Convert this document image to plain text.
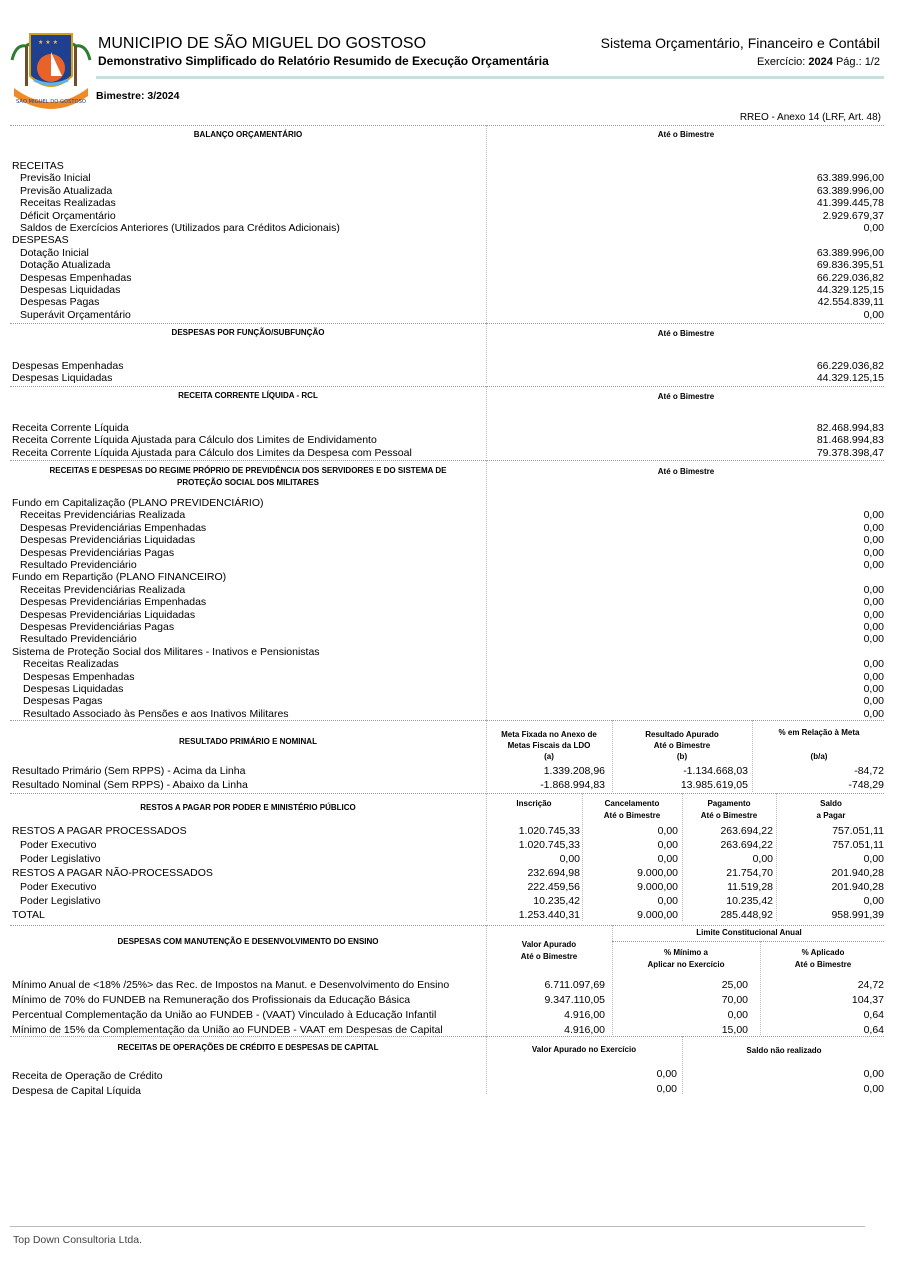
★ ★ ★
SÃO MIGUEL DO GOSTOSO
MUNICIPIO DE SÃO MIGUEL DO GOSTOSO
Demonstrativo Simplificado do Relatório Resumido de Execução Orçamentária
Sistema Orçamentário, Financeiro e Contábil
Exercício: 2024 Pág.: 1/2
Bimestre: 3/2024
RREO - Anexo 14 (LRF, Art. 48)
BALANÇO ORÇAMENTÁRIO	Até o Bimestre
RECEITAS
Previsão Inicial	63.389.996,00
Previsão Atualizada	63.389.996,00
Receitas Realizadas	41.399.445,78
Déficit Orçamentário	2.929.679,37
Saldos de Exercícios Anteriores (Utilizados para Créditos Adicionais)	0,00
DESPESAS
Dotação Inicial	63.389.996,00
Dotação Atualizada	69.836.395,51
Despesas Empenhadas	66.229.036,82
Despesas Liquidadas	44.329.125,15
Despesas Pagas	42.554.839,11
Superávit Orçamentário	0,00
DESPESAS POR FUNÇÃO/SUBFUNÇÃO	Até o Bimestre
Despesas Empenhadas	66.229.036,82
Despesas Liquidadas	44.329.125,15
RECEITA CORRENTE LÍQUIDA - RCL	Até o Bimestre
Receita Corrente Líquida	82.468.994,83
Receita Corrente Líquida Ajustada para Cálculo dos Limites de Endividamento	81.468.994,83
Receita Corrente Líquida Ajustada para Cálculo dos Limites da Despesa com Pessoal	79.378.398,47
RECEITAS E DESPESAS DO REGIME PRÓPRIO DE PREVIDÊNCIA DOS SERVIDORES E DO SISTEMA DE
PROTEÇÃO SOCIAL DOS MILITARES
Até o Bimestre
Fundo em Capitalização (PLANO PREVIDENCIÁRIO)
Receitas Previdenciárias Realizada	0,00
Despesas Previdenciárias Empenhadas	0,00
Despesas Previdenciárias Liquidadas	0,00
Despesas Previdenciárias Pagas	0,00
Resultado Previdenciário	0,00
Fundo em Repartição (PLANO FINANCEIRO)
Receitas Previdenciárias Realizada	0,00
Despesas Previdenciárias Empenhadas	0,00
Despesas Previdenciárias Liquidadas	0,00
Despesas Previdenciárias Pagas	0,00
Resultado Previdenciário	0,00
Sistema de Proteção Social dos Militares - Inativos e Pensionistas
Receitas Realizadas	0,00
Despesas Empenhadas	0,00
Despesas Liquidadas	0,00
Despesas Pagas	0,00
Resultado Associado às Pensões e aos Inativos Militares	0,00
RESULTADO PRIMÁRIO E NOMINAL
Meta Fixada no Anexo de
Metas Fiscais da LDO
(a)
Resultado Apurado
Até o Bimestre
(b)
% em Relação à Meta
(b/a)
Resultado Primário (Sem RPPS) - Acima da Linha	1.339.208,96	-1.134.668,03	-84,72
Resultado Nominal (Sem RPPS) - Abaixo da Linha	-1.868.994,83	13.985.619,05	-748,29
RESTOS A PAGAR POR PODER E MINISTÉRIO PÚBLICO	Inscrição	Cancelamento
Até o Bimestre
Pagamento
Até o Bimestre
Saldo
a Pagar
RESTOS A PAGAR PROCESSADOS	1.020.745,33	0,00	263.694,22	757.051,11
Poder Executivo	1.020.745,33	0,00	263.694,22	757.051,11
Poder Legislativo	0,00	0,00	0,00	0,00
RESTOS A PAGAR NÃO-PROCESSADOS	232.694,98	9.000,00	21.754,70	201.940,28
Poder Executivo	222.459,56	9.000,00	11.519,28	201.940,28
Poder Legislativo	10.235,42	0,00	10.235,42	0,00
TOTAL	1.253.440,31	9.000,00	285.448,92	958.991,39
DESPESAS COM MANUTENÇÃO E DESENVOLVIMENTO DO ENSINO	Valor Apurado
Até o Bimestre
Limite Constitucional Anual
% Mínimo a
Aplicar no Exercício
% Aplicado
Até o Bimestre
Mínimo Anual de <18% /25%> das Rec. de Impostos na Manut. e Desenvolvimento do Ensino	6.711.097,69	25,00	24,72
Mínimo de 70% do FUNDEB na Remuneração dos Profissionais da Educação Básica	9.347.110,05	70,00	104,37
Percentual Complementação da União ao FUNDEB - (VAAT) Vinculado à Educação Infantil	4.916,00	0,00	0,64
Mínimo de 15% da Complementação da União ao FUNDEB - VAAT em Despesas de Capital	4.916,00	15,00	0,64
RECEITAS DE OPERAÇÕES DE CRÉDITO E DESPESAS DE CAPITAL	Valor Apurado no Exercício	Saldo não realizado
Receita de Operação de Crédito	0,00	0,00
Despesa de Capital Líquida	0,00	0,00
Top Down Consultoria Ltda.
